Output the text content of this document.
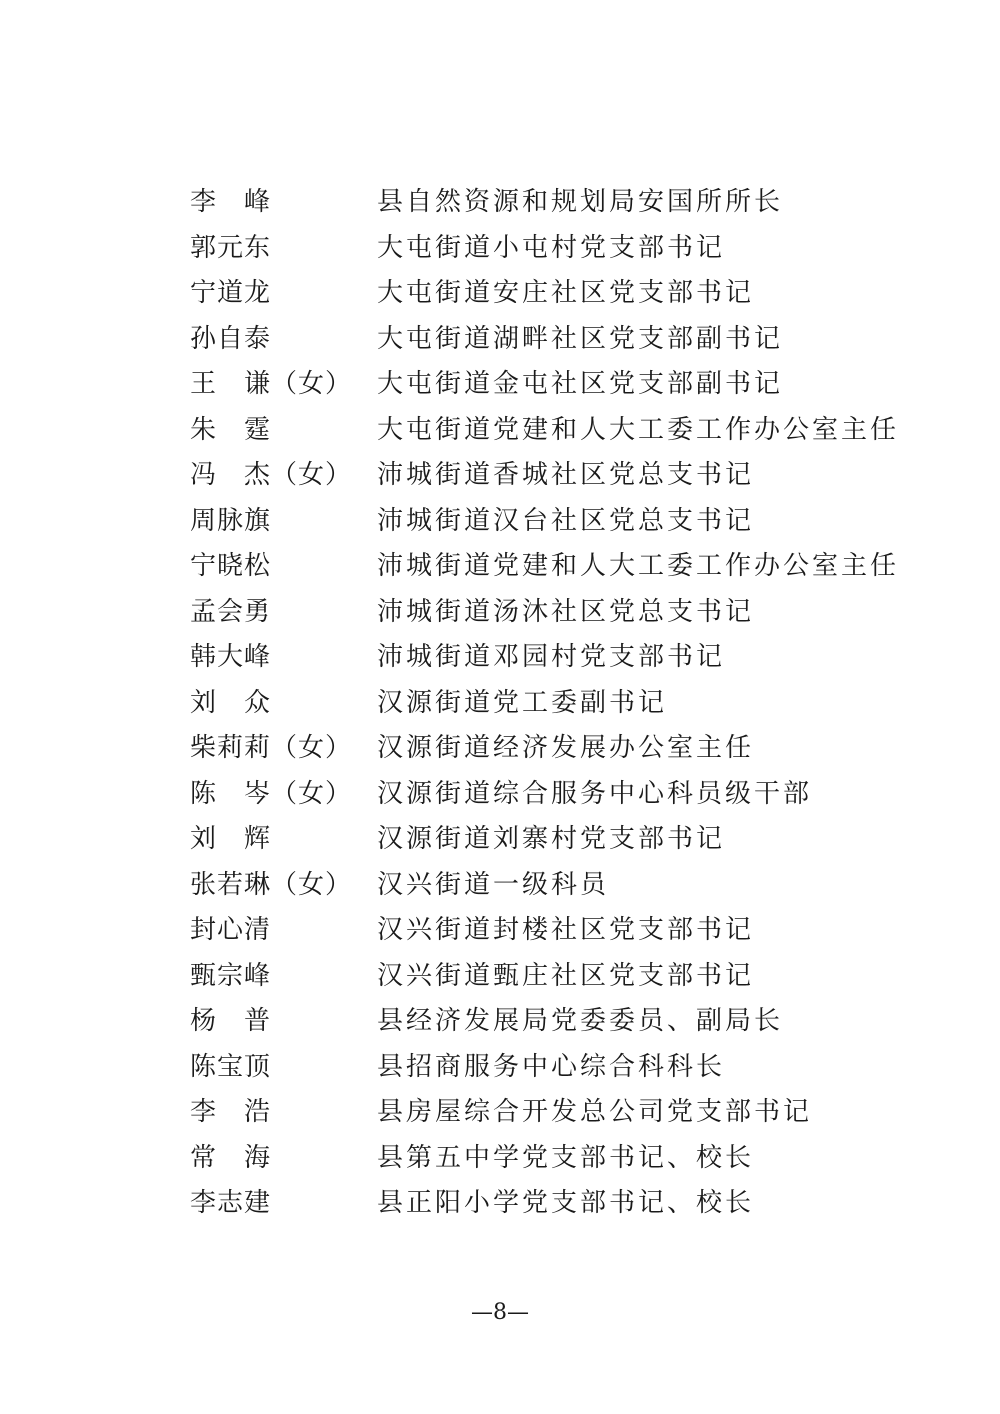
李　峰	县自然资源和规划局安国所所长
郭元东	大屯街道小屯村党支部书记
宁道龙	大屯街道安庄社区党支部书记
孙自泰	大屯街道湖畔社区党支部副书记
王　谦（女） 大屯街道金屯社区党支部副书记
朱　霆	大屯街道党建和人大工委工作办公室主任
冯　杰（女） 沛城街道香城社区党总支书记
周脉旗	沛城街道汉台社区党总支书记
宁晓松	沛城街道党建和人大工委工作办公室主任
孟会勇	沛城街道汤沐社区党总支书记
韩大峰	沛城街道邓园村党支部书记
刘　众	汉源街道党工委副书记
柴莉莉（女） 汉源街道经济发展办公室主任
陈　岑（女） 汉源街道综合服务中心科员级干部
刘　辉	汉源街道刘寨村党支部书记
张若琳（女） 汉兴街道一级科员
封心清	汉兴街道封楼社区党支部书记
甄宗峰	汉兴街道甄庄社区党支部书记
杨　普	县经济发展局党委委员、副局长
陈宝顶	县招商服务中心综合科科长
李　浩	县房屋综合开发总公司党支部书记
常　海	县第五中学党支部书记、校长
李志建	县正阳小学党支部书记、校长
—8—
